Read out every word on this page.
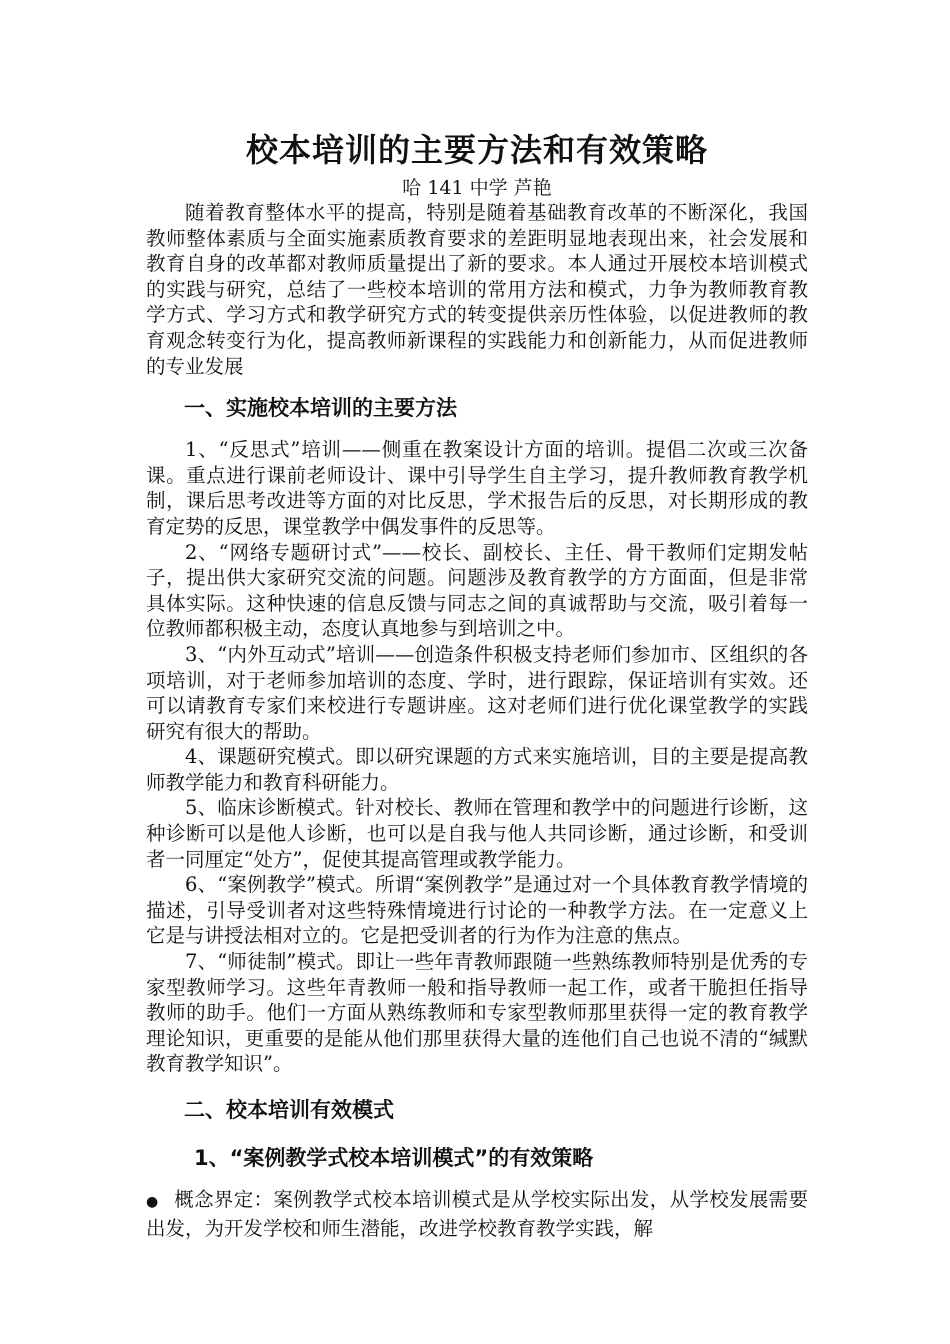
校本培训的主要方法和有效策略
哈 141 中学 芦艳

随着教育整体水平的提高，特别是随着基础教育改革的不断深化，我国教师整体素质与全面实施素质教育要求的差距明显地表现出来，社会发展和教育自身的改革都对教师质量提出了新的要求。本人通过开展校本培训模式的实践与研究，总结了一些校本培训的常用方法和模式，力争为教师教育教学方式、学习方式和教学研究方式的转变提供亲历性体验，以促进教师的教育观念转变行为化，提高教师新课程的实践能力和创新能力，从而促进教师的专业发展

一、实施校本培训的主要方法

1、“反思式”培训——侧重在教案设计方面的培训。提倡二次或三次备课。重点进行课前老师设计、课中引导学生自主学习，提升教师教育教学机制，课后思考改进等方面的对比反思，学术报告后的反思，对长期形成的教育定势的反思，课堂教学中偶发事件的反思等。

2、“网络专题研讨式”——校长、副校长、主任、骨干教师们定期发帖子，提出供大家研究交流的问题。问题涉及教育教学的方方面面，但是非常具体实际。这种快速的信息反馈与同志之间的真诚帮助与交流，吸引着每一位教师都积极主动，态度认真地参与到培训之中。

3、“内外互动式”培训——创造条件积极支持老师们参加市、区组织的各项培训，对于老师参加培训的态度、学时，进行跟踪，保证培训有实效。还可以请教育专家们来校进行专题讲座。这对老师们进行优化课堂教学的实践研究有很大的帮助。

4、课题研究模式。即以研究课题的方式来实施培训，目的主要是提高教师教学能力和教育科研能力。

5、临床诊断模式。针对校长、教师在管理和教学中的问题进行诊断，这种诊断可以是他人诊断，也可以是自我与他人共同诊断，通过诊断，和受训者一同厘定“处方”，促使其提高管理或教学能力。

6、“案例教学”模式。所谓“案例教学”是通过对一个具体教育教学情境的描述，引导受训者对这些特殊情境进行讨论的一种教学方法。在一定意义上它是与讲授法相对立的。它是把受训者的行为作为注意的焦点。

7、“师徒制”模式。即让一些年青教师跟随一些熟练教师特别是优秀的专家型教师学习。这些年青教师一般和指导教师一起工作，或者干脆担任指导教师的助手。他们一方面从熟练教师和专家型教师那里获得一定的教育教学理论知识，更重要的是能从他们那里获得大量的连他们自己也说不清的“缄默教育教学知识”。

二、校本培训有效模式
1、“案例教学式校本培训模式”的有效策略

● 概念界定：案例教学式校本培训模式是从学校实际出发，从学校发展需要出发，为开发学校和师生潜能，改进学校教育教学实践，解
